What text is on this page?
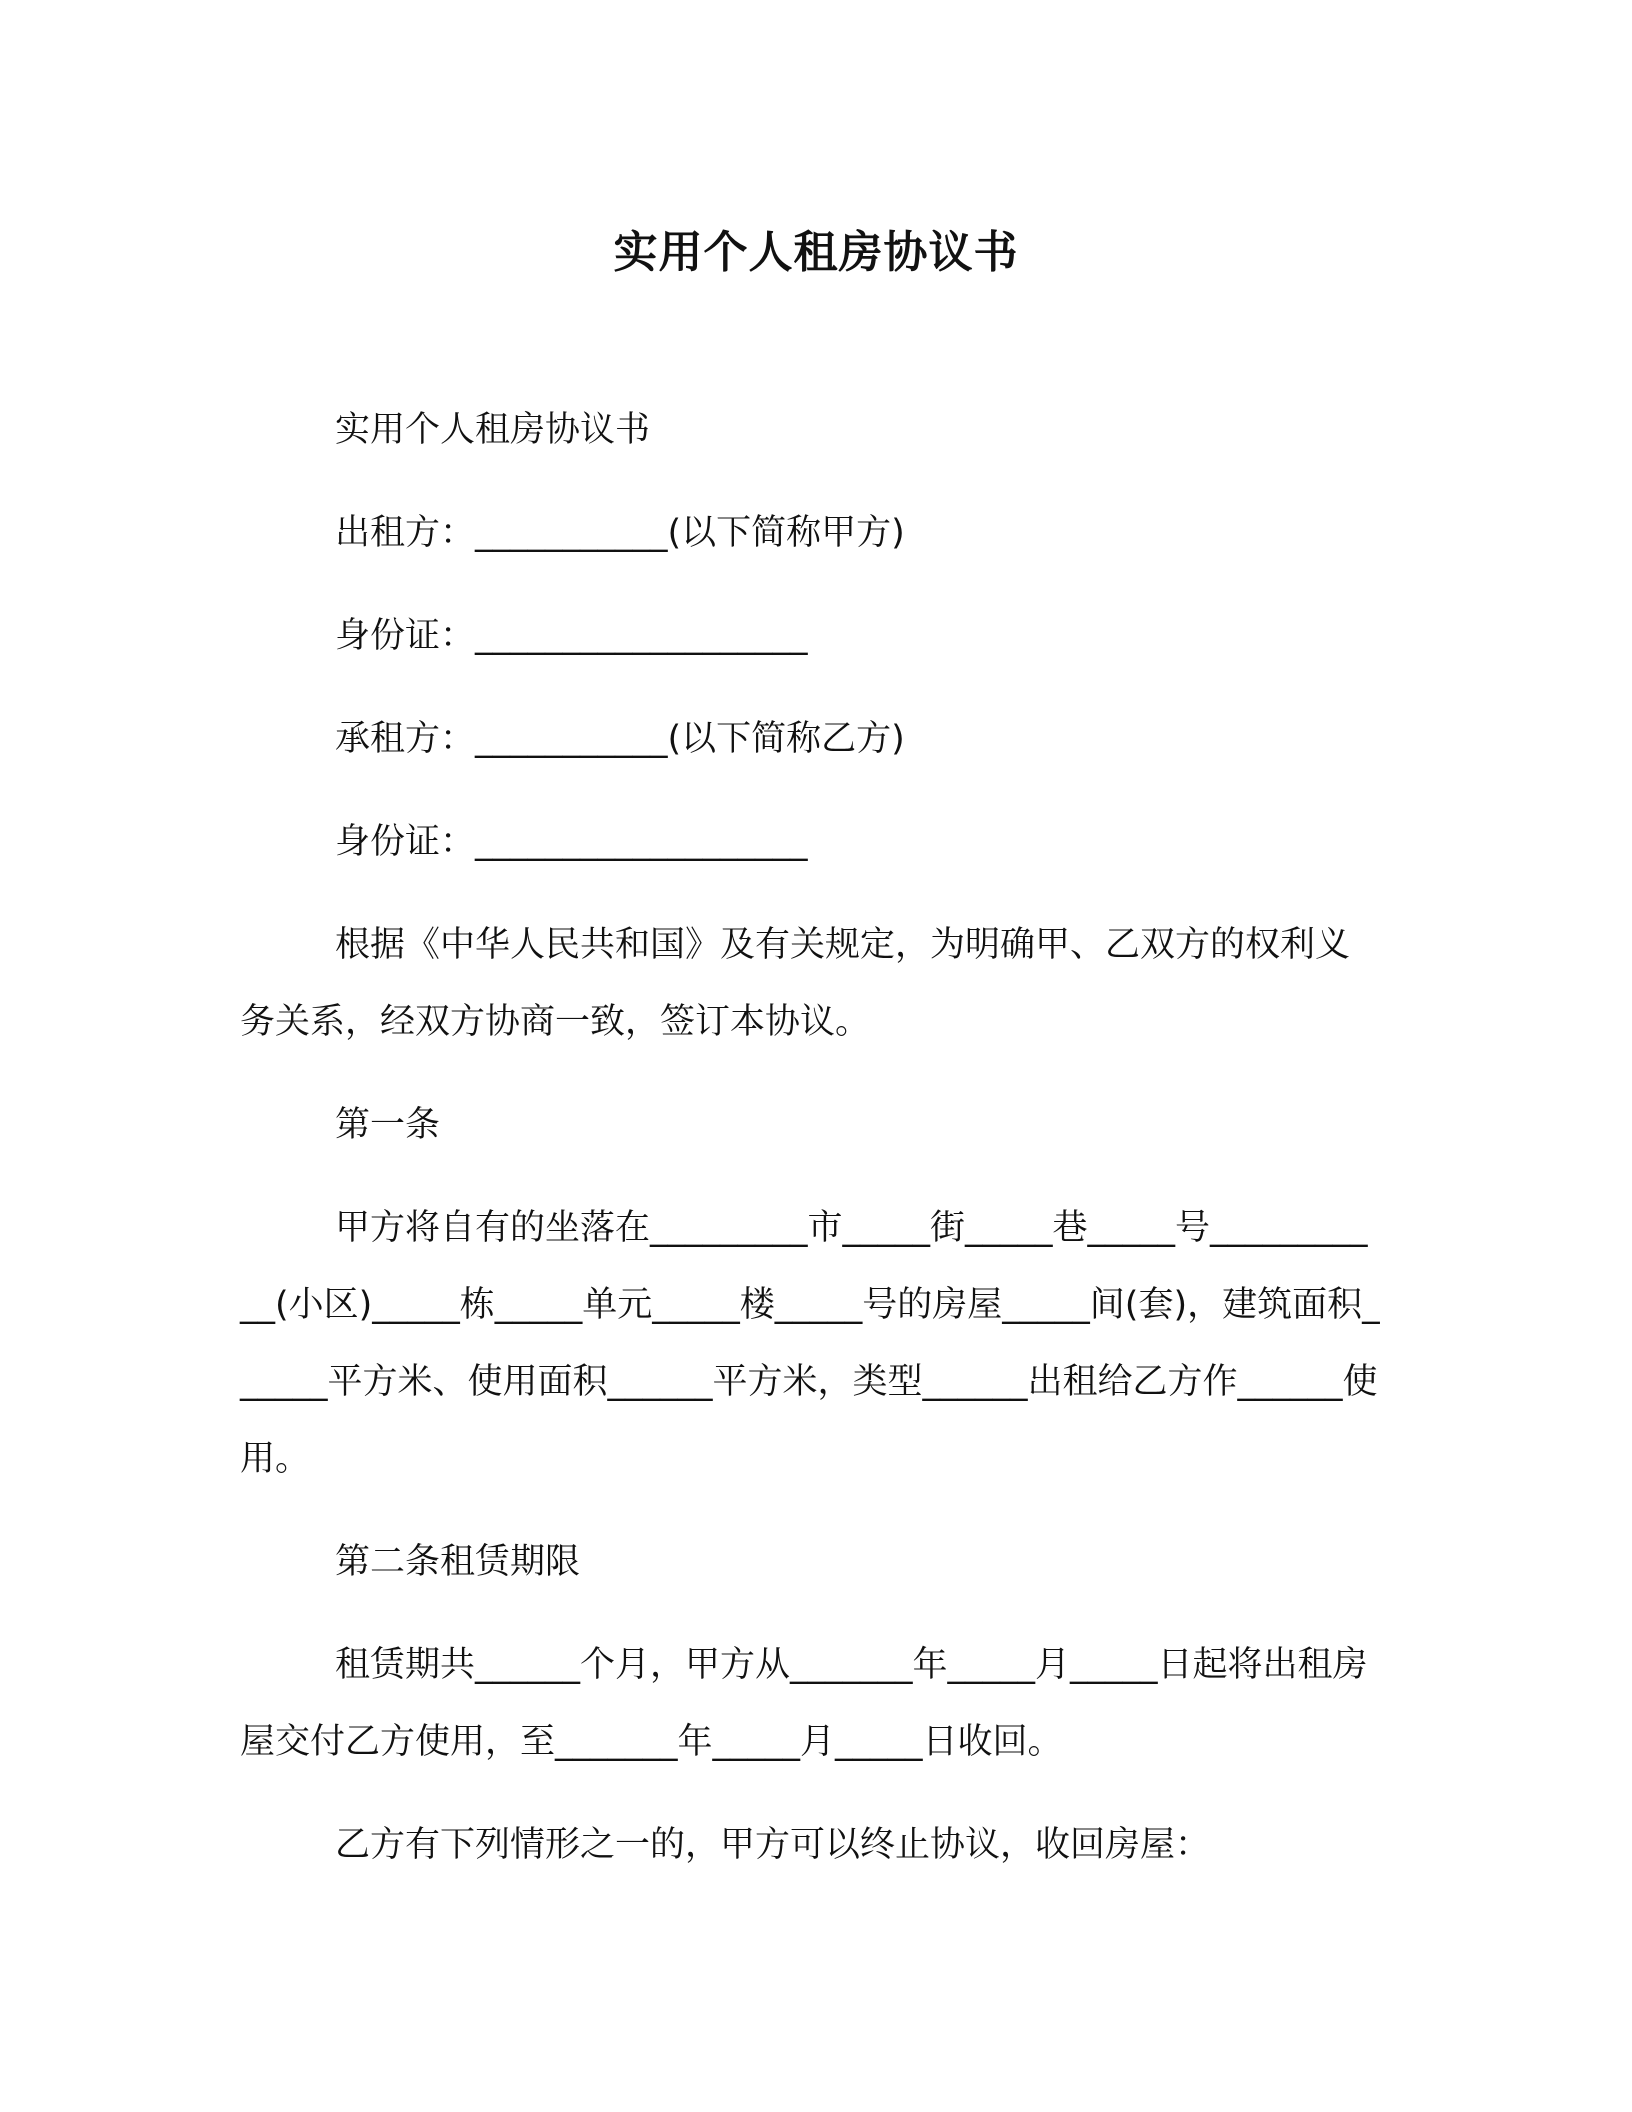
实用个人租房协议书

实用个人租房协议书

出租方：___________(以下简称甲方)

身份证：___________________

承租方：___________(以下简称乙方)

身份证：___________________

根据《中华人民共和国》及有关规定，为明确甲、乙双方的权利义务关系，经双方协商一致，签订本协议。

第一条

甲方将自有的坐落在_________市_____街_____巷_____号___________(小区)_____栋_____单元_____楼_____号的房屋_____间(套)，建筑面积______平方米、使用面积______平方米，类型______出租给乙方作______使用。

第二条租赁期限

租赁期共______个月，甲方从_______年_____月_____日起将出租房屋交付乙方使用，至_______年_____月_____日收回。

乙方有下列情形之一的，甲方可以终止协议，收回房屋：
